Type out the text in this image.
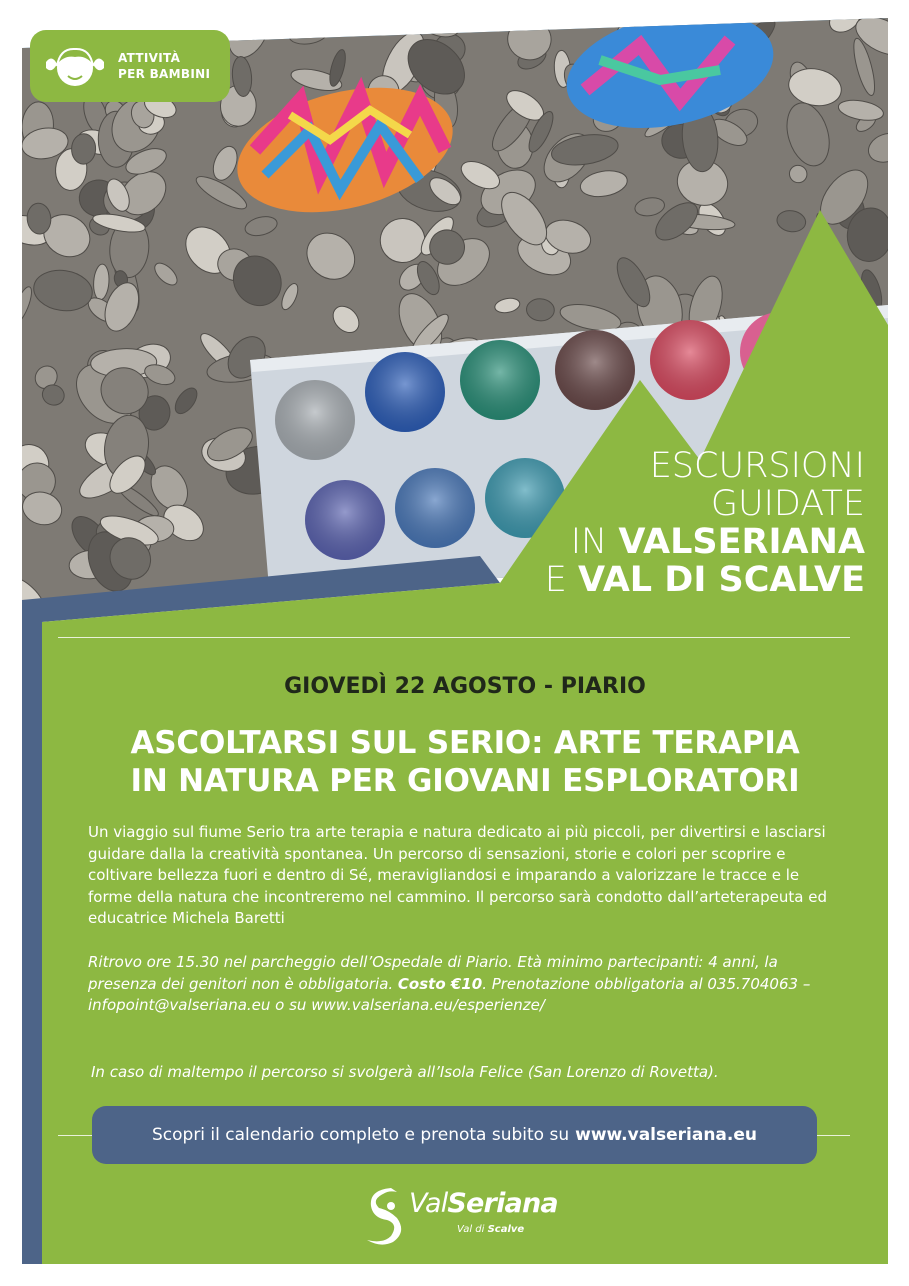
ATTIVITÀ
PER BAMBINI
ESCURSIONI
GUIDATE
IN VALSERIANA
E VAL DI SCALVE
GIOVEDÌ 22 AGOSTO - PIARIO
ASCOLTARSI SUL SERIO: ARTE TERAPIA
IN NATURA PER GIOVANI ESPLORATORI
Un viaggio sul fiume Serio tra arte terapia e natura dedicato ai più piccoli, per divertirsi e lasciarsi guidare dalla la creatività spontanea. Un percorso di sensazioni, storie e colori per scoprire e coltivare bellezza fuori e dentro di Sé, meravigliandosi e imparando a valorizzare le tracce e le forme della natura che incontreremo nel cammino. Il percorso sarà condotto dall’arteterapeuta ed educatrice Michela Baretti
Ritrovo ore 15.30 nel parcheggio dell’Ospedale di Piario. Età minimo partecipanti: 4 anni, la presenza dei genitori non è obbligatoria. Costo €10. Prenotazione obbligatoria al 035.704063 – infopoint@valseriana.eu o su www.valseriana.eu/esperienze/
In caso di maltempo il percorso si svolgerà all’Isola Felice (San Lorenzo di Rovetta).
Scopri il calendario completo e prenota subito su www.valseriana.eu
ValSeriana
Val di Scalve
